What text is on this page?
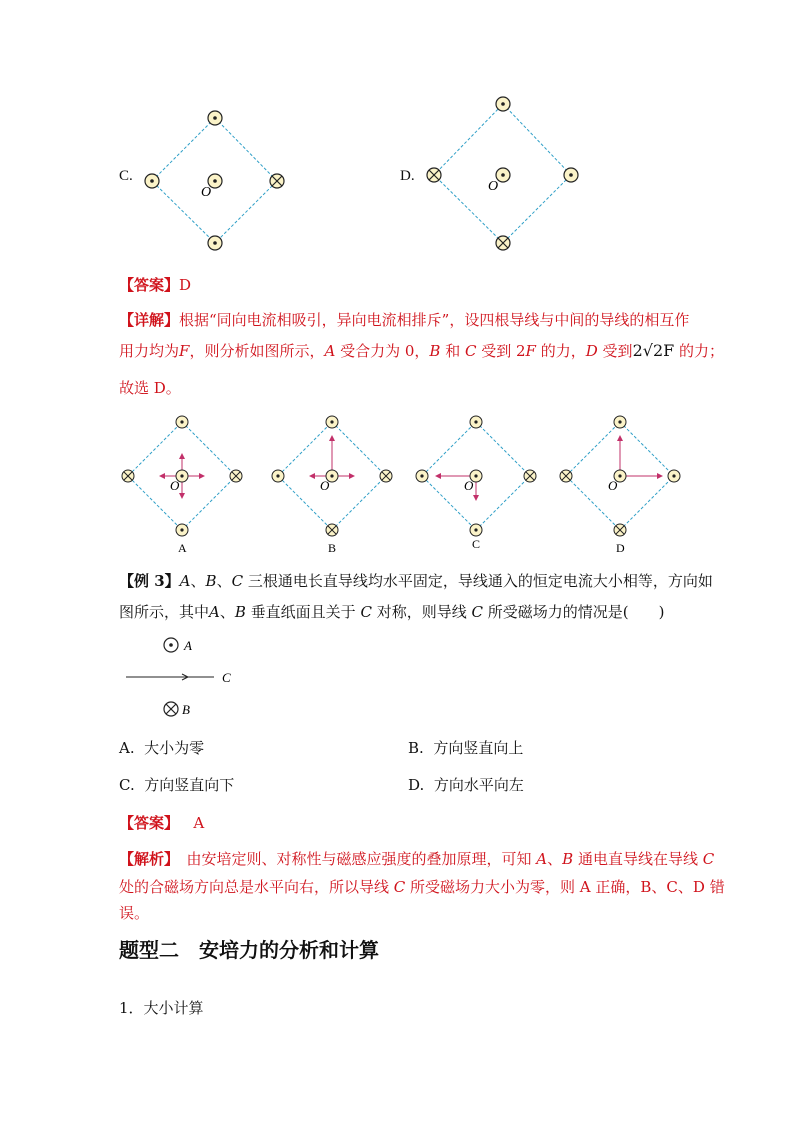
C.
O
D.
O
【答案】D
【详解】根据“同向电流相吸引，异向电流相排斥”，设四根导线与中间的导线的相互作
用力均为F，则分析如图所示，A 受合力为 0，B 和 C 受到 2F 的力，D 受到2√2F 的力；
故选 D。
O
A
O
B
O
C
O
D
【例 3】A、B、C 三根通电长直导线均水平固定，导线通入的恒定电流大小相等，方向如
图所示，其中A、B 垂直纸面且关于 C 对称，则导线 C 所受磁场力的情况是(　　)
A
C
B
A. 大小为零	B. 方向竖直向上
C. 方向竖直向下	D. 方向水平向左
【答案】 A
【解析】　由安培定则、对称性与磁感应强度的叠加原理，可知 A、B 通电直导线在导线 C
处的合磁场方向总是水平向右，所以导线 C 所受磁场力大小为零，则 A 正确，B、C、D 错
误。
题型二　安培力的分析和计算
1．大小计算
